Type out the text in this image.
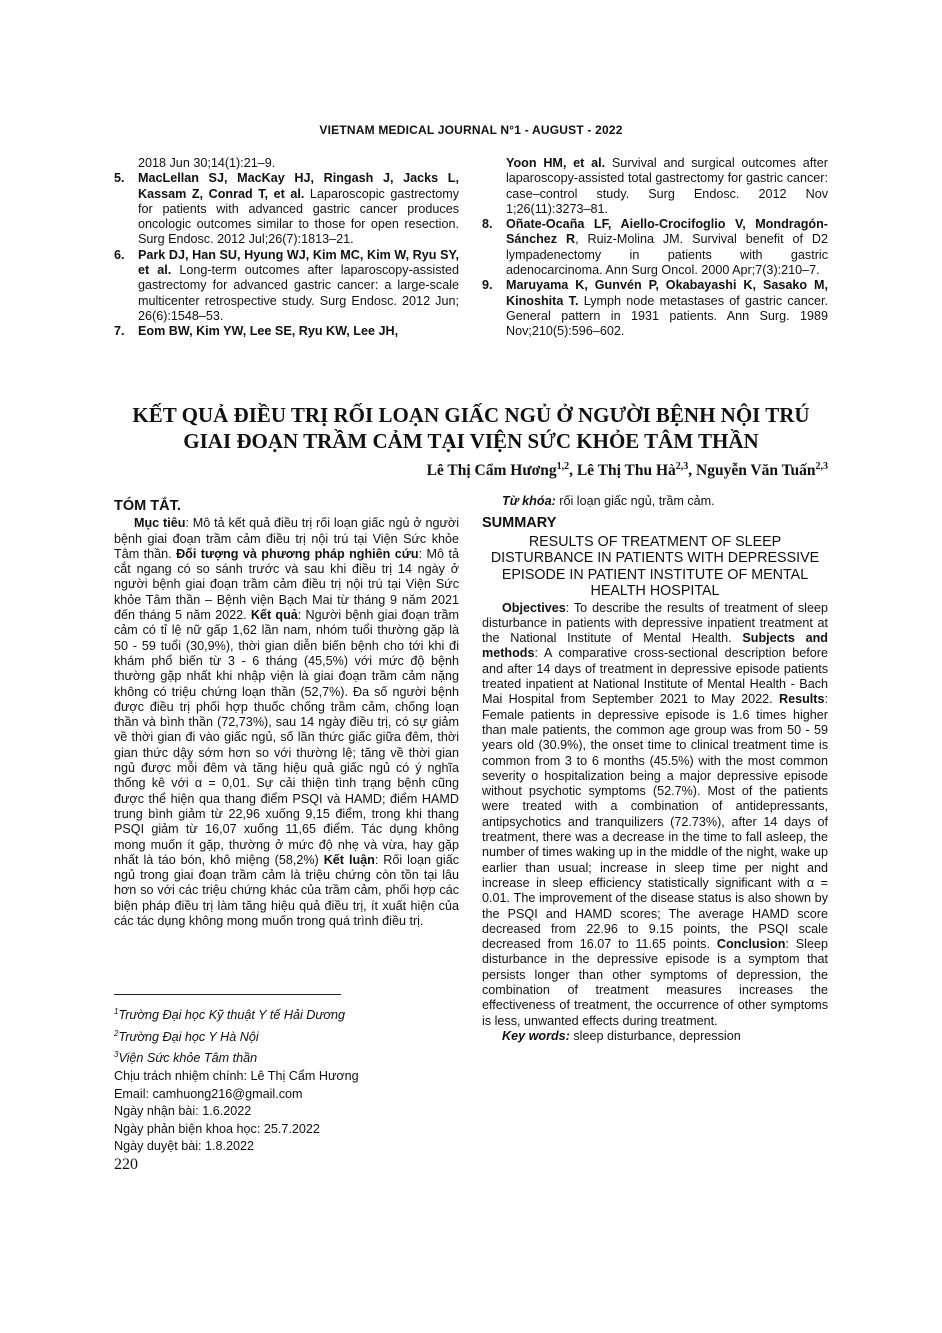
VIETNAM MEDICAL JOURNAL N°1 - AUGUST - 2022
2018 Jun 30;14(1):21–9.
5. MacLellan SJ, MacKay HJ, Ringash J, Jacks L, Kassam Z, Conrad T, et al. Laparoscopic gastrectomy for patients with advanced gastric cancer produces oncologic outcomes similar to those for open resection. Surg Endosc. 2012 Jul;26(7):1813–21.
6. Park DJ, Han SU, Hyung WJ, Kim MC, Kim W, Ryu SY, et al. Long-term outcomes after laparoscopy-assisted gastrectomy for advanced gastric cancer: a large-scale multicenter retrospective study. Surg Endosc. 2012 Jun; 26(6):1548–53.
7. Eom BW, Kim YW, Lee SE, Ryu KW, Lee JH,
Yoon HM, et al. Survival and surgical outcomes after laparoscopy-assisted total gastrectomy for gastric cancer: case–control study. Surg Endosc. 2012 Nov 1;26(11):3273–81.
8. Oñate-Ocaña LF, Aiello-Crocifoglio V, Mondragón-Sánchez R, Ruiz-Molina JM. Survival benefit of D2 lympadenectomy in patients with gastric adenocarcinoma. Ann Surg Oncol. 2000 Apr;7(3):210–7.
9. Maruyama K, Gunvén P, Okabayashi K, Sasako M, Kinoshita T. Lymph node metastases of gastric cancer. General pattern in 1931 patients. Ann Surg. 1989 Nov;210(5):596–602.
KẾT QUẢ ĐIỀU TRỊ RỐI LOẠN GIẤC NGỦ Ở NGƯỜI BỆNH NỘI TRÚ
GIAI ĐOẠN TRẦM CẢM TẠI VIỆN SỨC KHỎE TÂM THẦN
Lê Thị Cẩm Hương$^{1,2}$, Lê Thị Thu Hà$^{2,3}$, Nguyễn Văn Tuấn$^{2,3}$
TÓM TẮT.

Mục tiêu: Mô tả kết quả điều trị rối loạn giấc ngủ ở người bệnh giai đoạn trầm cảm điều trị nội trú tại Viện Sức khỏe Tâm thần. Đối tượng và phương pháp nghiên cứu: Mô tả cắt ngang có so sánh trước và sau khi điều trị 14 ngày ở người bệnh giai đoạn trầm cảm điều trị nội trú tại Viện Sức khỏe Tâm thần – Bệnh viện Bạch Mai từ tháng 9 năm 2021 đến tháng 5 năm 2022. Kết quả: Người bệnh giai đoạn trầm cảm có tỉ lệ nữ gấp 1,62 lần nam, nhóm tuổi thường gặp là 50 - 59 tuổi (30,9%), thời gian diễn biến bệnh cho tới khi đi khám phổ biến từ 3 - 6 tháng (45,5%) với mức độ bệnh thường gặp nhất khi nhập viện là giai đoạn trầm cảm nặng không có triệu chứng loạn thần (52,7%). Đa số người bệnh được điều trị phối hợp thuốc chống trầm cảm, chống loạn thần và bình thần (72,73%), sau 14 ngày điều trị, có sự giảm về thời gian đi vào giấc ngủ, số lần thức giấc giữa đêm, thời gian thức dậy sớm hơn so với thường lệ; tăng về thời gian ngủ được mỗi đêm và tăng hiệu quả giấc ngủ có ý nghĩa thống kê với α = 0,01. Sự cải thiện tình trạng bệnh cũng được thể hiện qua thang điểm PSQI và HAMD; điểm HAMD trung bình giảm từ 22,96 xuống 9,15 điểm, trong khi thang PSQI giảm từ 16,07 xuống 11,65 điểm. Tác dụng không mong muốn ít gặp, thường ở mức độ nhẹ và vừa, hay gặp nhất là táo bón, khô miệng (58,2%) Kết luận: Rối loạn giấc ngủ trong giai đoạn trầm cảm là triệu chứng còn tồn tại lâu hơn so với các triệu chứng khác của trầm cảm, phối hợp các biện pháp điều trị làm tăng hiệu quả điều trị, ít xuất hiện của các tác dụng không mong muốn trong quá trình điều trị.

Từ khóa: rối loạn giấc ngủ, trầm cảm.

SUMMARY
RESULTS OF TREATMENT OF SLEEP DISTURBANCE IN PATIENTS WITH DEPRESSIVE EPISODE IN PATIENT INSTITUTE OF MENTAL HEALTH HOSPITAL

Objectives: To describe the results of treatment of sleep disturbance in patients with depressive inpatient treatment at the National Institute of Mental Health. Subjects and methods: A comparative cross-sectional description before and after 14 days of treatment in depressive episode patients treated inpatient at National Institute of Mental Health - Bach Mai Hospital from September 2021 to May 2022. Results: Female patients in depressive episode is 1.6 times higher than male patients, the common age group was from 50 - 59 years old (30.9%), the onset time to clinical treatment time is common from 3 to 6 months (45.5%) with the most common severity o hospitalization being a major depressive episode without psychotic symptoms (52.7%). Most of the patients were treated with a combination of antidepressants, antipsychotics and tranquilizers (72.73%), after 14 days of treatment, there was a decrease in the time to fall asleep, the number of times waking up in the middle of the night, wake up earlier than usual; increase in sleep time per night and increase in sleep efficiency statistically significant with α = 0.01. The improvement of the disease status is also shown by the PSQI and HAMD scores; The average HAMD score decreased from 22.96 to 9.15 points, the PSQI scale decreased from 16.07 to 11.65 points. Conclusion: Sleep disturbance in the depressive episode is a symptom that persists longer than other symptoms of depression, the combination of treatment measures increases the effectiveness of treatment, the occurrence of other symptoms is less, unwanted effects during treatment.

Key words: sleep disturbance, depression

$^1$Trường Đại học Kỹ thuật Y tế Hải Dương
$^2$Trường Đại học Y Hà Nội
$^3$Viện Sức khỏe Tâm thần
Chịu trách nhiệm chính: Lê Thị Cẩm Hương
Email: camhuong216@gmail.com
Ngày nhận bài: 1.6.2022
Ngày phản biện khoa học: 25.7.2022
Ngày duyệt bài: 1.8.2022
220
